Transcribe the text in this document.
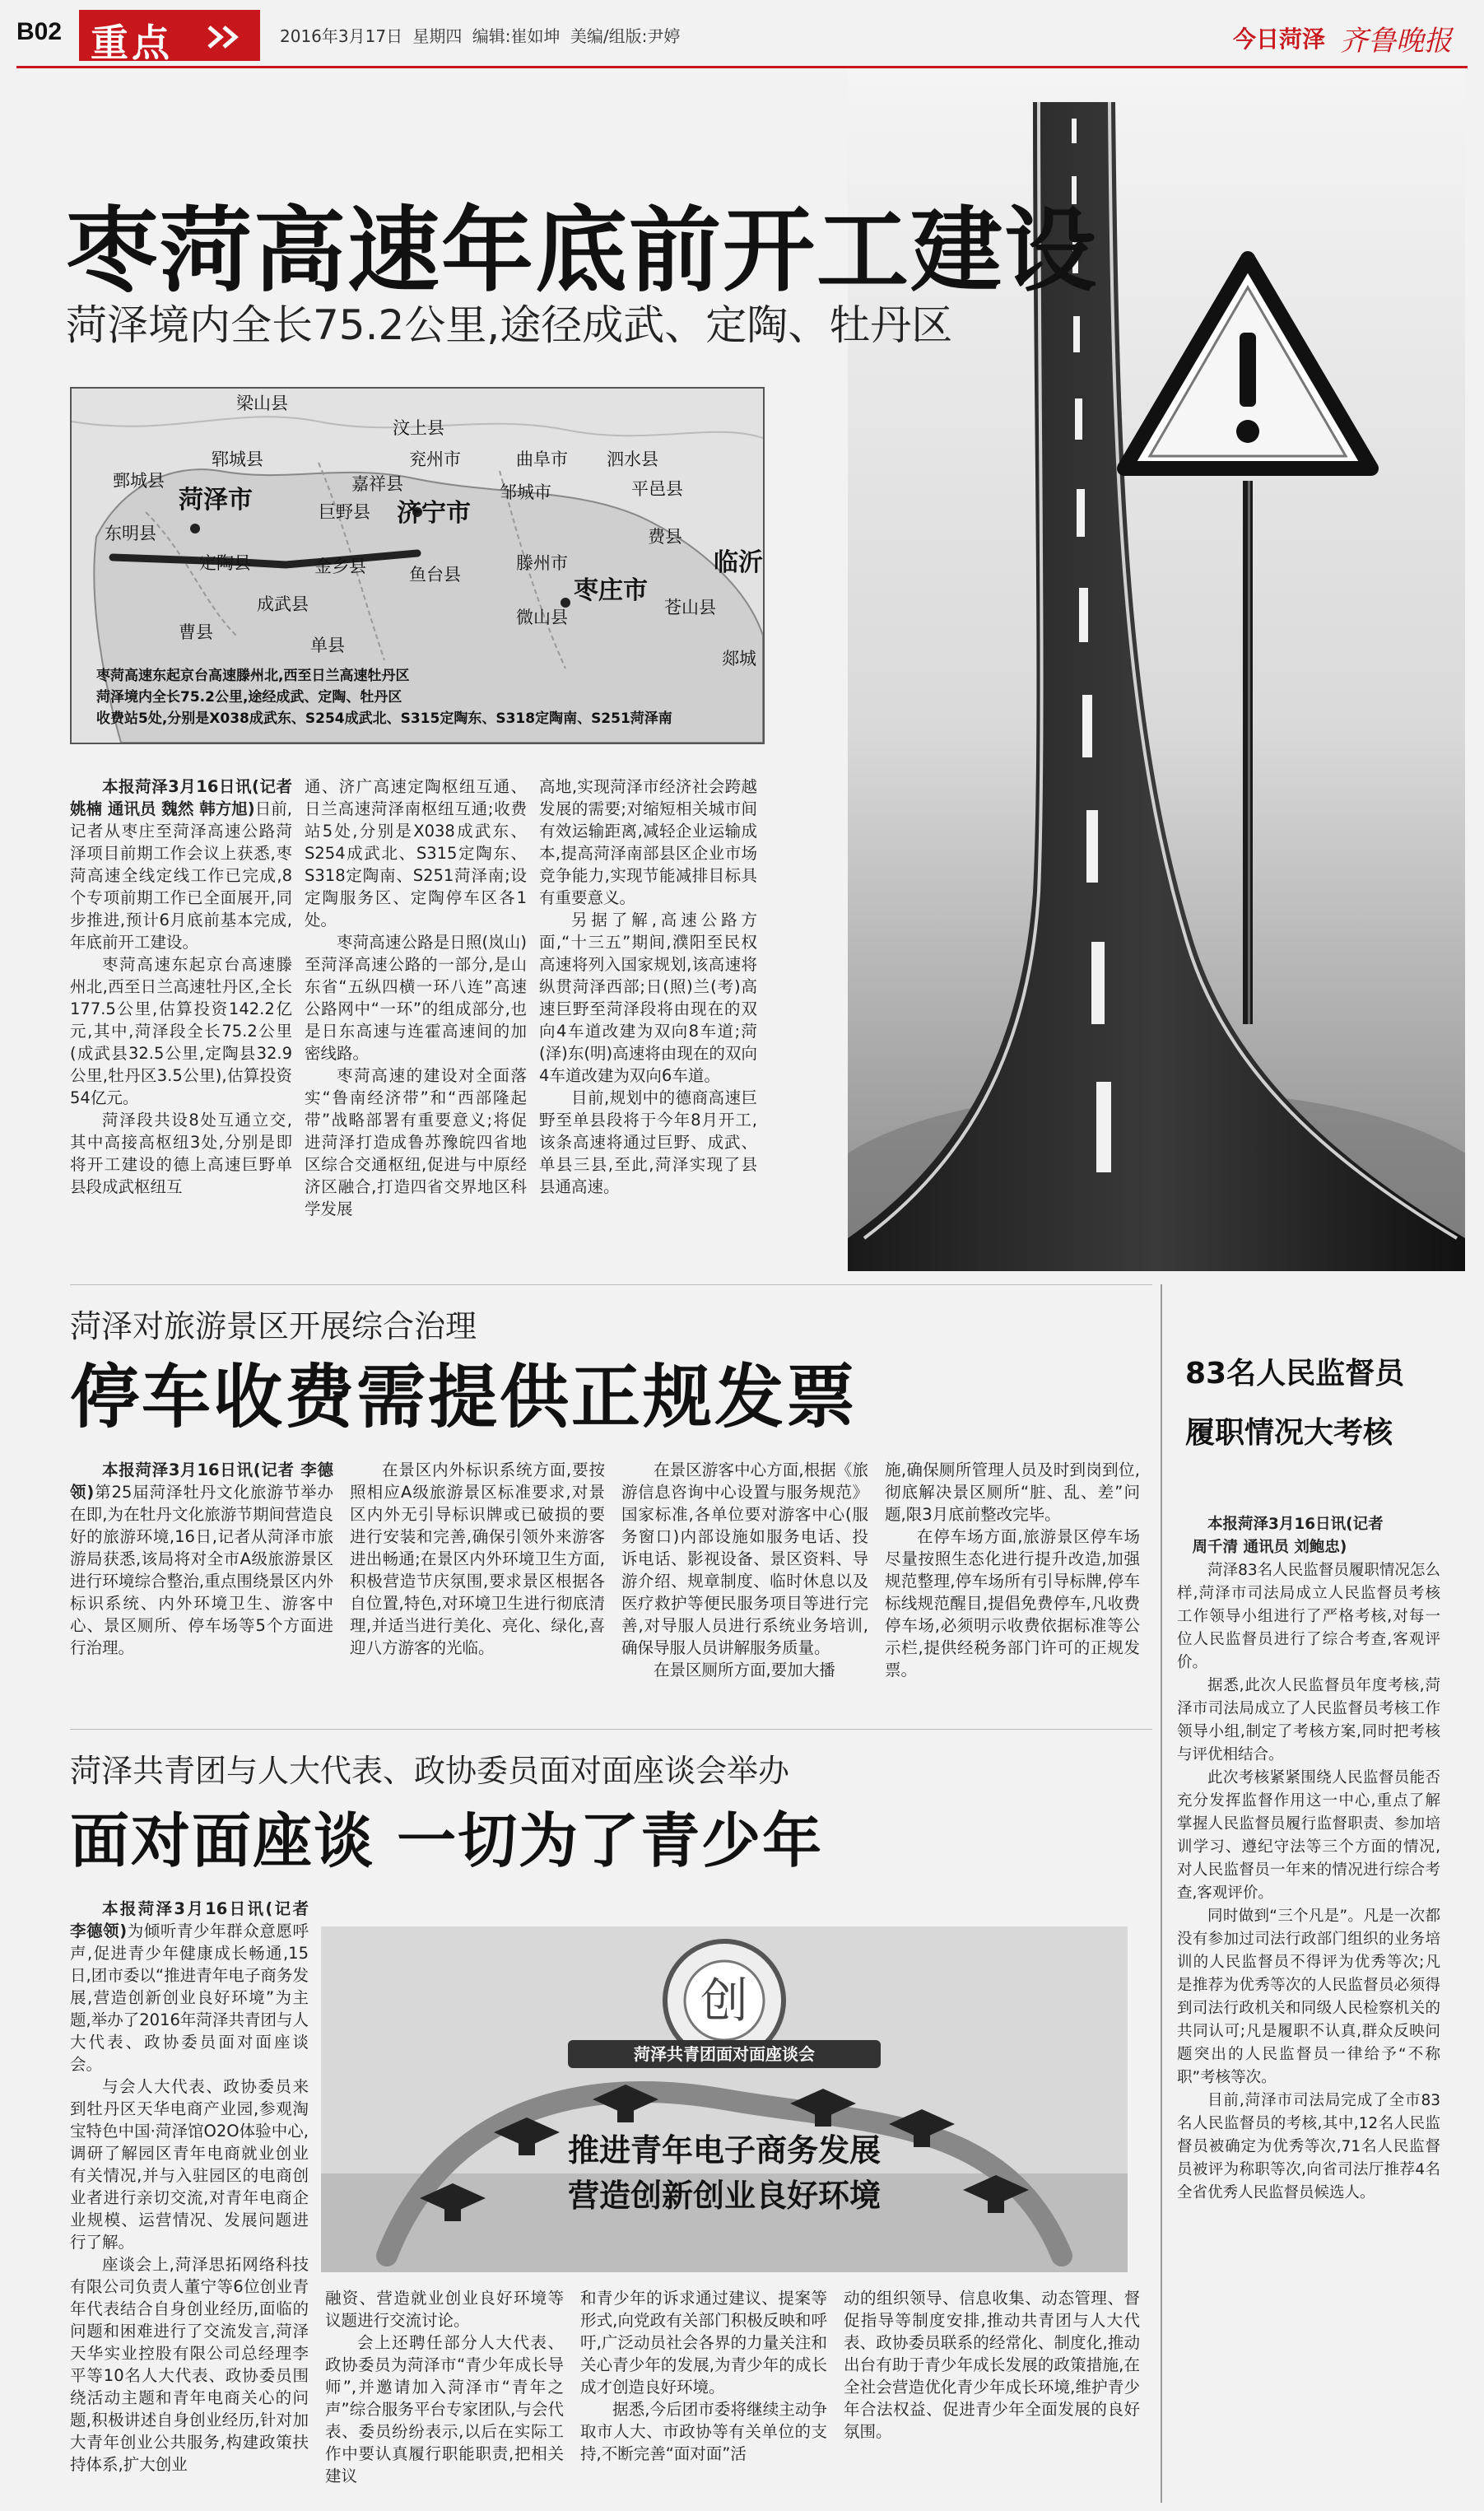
B02 重点	2016年3月17日 星期四 编辑:崔如坤 美编/组版:尹婷	今日菏泽 齐鲁晚报
枣菏高速年底前开工建设
菏泽境内全长75.2公里,途径成武、定陶、牡丹区
梁山县
汶上县
郓城县	兖州市	曲阜市 泗水县
鄄城县	嘉祥县	邹城市	平邑县
菏泽市	巨野县 济宁市
东明县	费县
临沂
定陶县	金乡县 鱼台县
滕州市
枣庄市
成武县
单县
微山县	苍山县
曹县
郯城
枣菏高速东起京台高速滕州北,西至日兰高速牡丹区
菏泽境内全长75.2公里,途经成武、定陶、牡丹区
收费站5处,分别是X038成武东、S254成武北、S315定陶东、S318定陶南、S251菏泽南

本报菏泽3月16日讯(记者 姚楠 通讯员 魏然 韩方旭)日前,记者从枣庄至菏泽高速公路菏泽项目前期工作会议上获悉,枣菏高速全线定线工作已完成,8个专项前期工作已全面展开,同步推进,预计6月底前基本完成,年底前开工建设。

枣菏高速东起京台高速滕州北,西至日兰高速牡丹区,全长177.5公里,估算投资142.2亿元,其中,菏泽段全长75.2公里(成武县32.5公里,定陶县32.9公里,牡丹区3.5公里),估算投资54亿元。

菏泽段共设8处互通立交,其中高接高枢纽3处,分别是即将开工建设的德上高速巨野单县段成武枢纽互

通、济广高速定陶枢纽互通、日兰高速菏泽南枢纽互通;收费站5处,分别是X038成武东、S254成武北、S315定陶东、S318定陶南、S251菏泽南;设定陶服务区、定陶停车区各1处。

枣菏高速公路是日照(岚山)至菏泽高速公路的一部分,是山东省“五纵四横一环八连”高速公路网中“一环”的组成部分,也是日东高速与连霍高速间的加密线路。

枣菏高速的建设对全面落实“鲁南经济带”和“西部隆起带”战略部署有重要意义;将促进菏泽打造成鲁苏豫皖四省地区综合交通枢纽,促进与中原经济区融合,打造四省交界地区科学发展

高地,实现菏泽市经济社会跨越发展的需要;对缩短相关城市间有效运输距离,减轻企业运输成本,提高菏泽南部县区企业市场竞争能力,实现节能减排目标具有重要意义。

另据了解,高速公路方面,“十三五”期间,濮阳至民权高速将列入国家规划,该高速将纵贯菏泽西部;日(照)兰(考)高速巨野至菏泽段将由现在的双向4车道改建为双向8车道;菏(泽)东(明)高速将由现在的双向4车道改建为双向6车道。

目前,规划中的德商高速巨野至单县段将于今年8月开工,该条高速将通过巨野、成武、单县三县,至此,菏泽实现了县县通高速。

菏泽对旅游景区开展综合治理
停车收费需提供正规发票

本报菏泽3月16日讯(记者 李德领)第25届菏泽牡丹文化旅游节举办在即,为在牡丹文化旅游节期间营造良好的旅游环境,16日,记者从菏泽市旅游局获悉,该局将对全市A级旅游景区进行环境综合整治,重点围绕景区内外标识系统、内外环境卫生、游客中心、景区厕所、停车场等5个方面进行治理。

在景区内外标识系统方面,要按照相应A级旅游景区标准要求,对景区内外无引导标识牌或已破损的要进行安装和完善,确保引领外来游客进出畅通;在景区内外环境卫生方面,积极营造节庆氛围,要求景区根据各自位置,特色,对环境卫生进行彻底清理,并适当进行美化、亮化、绿化,喜迎八方游客的光临。

在景区游客中心方面,根据《旅游信息咨询中心设置与服务规范》国家标准,各单位要对游客中心(服务窗口)内部设施如服务电话、投诉电话、影视设备、景区资料、导游介绍、规章制度、临时休息以及医疗救护等便民服务项目等进行完善,对导服人员进行系统业务培训,确保导服人员讲解服务质量。

在景区厕所方面,要加大播

施,确保厕所管理人员及时到岗到位,彻底解决景区厕所“脏、乱、差”问题,限3月底前整改完毕。

在停车场方面,旅游景区停车场尽量按照生态化进行提升改造,加强规范整理,停车场所有引导标牌,停车标线规范醒目,提倡免费停车,凡收费停车场,必须明示收费依据标准等公示栏,提供经税务部门许可的正规发票。

菏泽共青团与人大代表、政协委员面对面座谈会举办
面对面座谈 一切为了青少年

本报菏泽3月16日讯(记者 李德领)为倾听青少年群众意愿呼声,促进青少年健康成长畅通,15日,团市委以“推进青年电子商务发展,营造创新创业良好环境”为主题,举办了2016年菏泽共青团与人大代表、政协委员面对面座谈会。

与会人大代表、政协委员来到牡丹区天华电商产业园,参观淘宝特色中国·菏泽馆O2O体验中心,调研了解园区青年电商就业创业有关情况,并与入驻园区的电商创业者进行亲切交流,对青年电商企业规模、运营情况、发展问题进行了解。

座谈会上,菏泽思拓网络科技有限公司负责人董宁等6位创业青年代表结合自身创业经历,面临的问题和困难进行了交流发言,菏泽天华实业控股有限公司总经理李平等10名人大代表、政协委员围绕活动主题和青年电商关心的问题,积极讲述自身创业经历,针对加大青年创业公共服务,构建政策扶持体系,扩大创业

创
菏泽共青团面对面座谈会
推进青年电子商务发展
营造创新创业良好环境

融资、营造就业创业良好环境等议题进行交流讨论。

会上还聘任部分人大代表、政协委员为菏泽市“青少年成长导师”,并邀请加入菏泽市“青年之声”综合服务平台专家团队,与会代表、委员纷纷表示,以后在实际工作中要认真履行职能职责,把相关建议

和青少年的诉求通过建议、提案等形式,向党政有关部门积极反映和呼吁,广泛动员社会各界的力量关注和关心青少年的发展,为青少年的成长成才创造良好环境。

据悉,今后团市委将继续主动争取市人大、市政协等有关单位的支持,不断完善“面对面”活

动的组织领导、信息收集、动态管理、督促指导等制度安排,推动共青团与人大代表、政协委员联系的经常化、制度化,推动出台有助于青少年成长发展的政策措施,在全社会营造优化青少年成长环境,维护青少年合法权益、促进青少年全面发展的良好氛围。

83名人民监督员
履职情况大考核

本报菏泽3月16日讯(记者

周千清 通讯员 刘鲍忠)

菏泽83名人民监督员履职情况怎么样,菏泽市司法局成立人民监督员考核工作领导小组进行了严格考核,对每一位人民监督员进行了综合考查,客观评价。

据悉,此次人民监督员年度考核,菏泽市司法局成立了人民监督员考核工作领导小组,制定了考核方案,同时把考核与评优相结合。

此次考核紧紧围绕人民监督员能否充分发挥监督作用这一中心,重点了解掌握人民监督员履行监督职责、参加培训学习、遵纪守法等三个方面的情况,对人民监督员一年来的情况进行综合考查,客观评价。

同时做到“三个凡是”。凡是一次都没有参加过司法行政部门组织的业务培训的人民监督员不得评为优秀等次;凡是推荐为优秀等次的人民监督员必须得到司法行政机关和同级人民检察机关的共同认可;凡是履职不认真,群众反映问题突出的人民监督员一律给予“不称职”考核等次。

目前,菏泽市司法局完成了全市83名人民监督员的考核,其中,12名人民监督员被确定为优秀等次,71名人民监督员被评为称职等次,向省司法厅推荐4名全省优秀人民监督员候选人。
